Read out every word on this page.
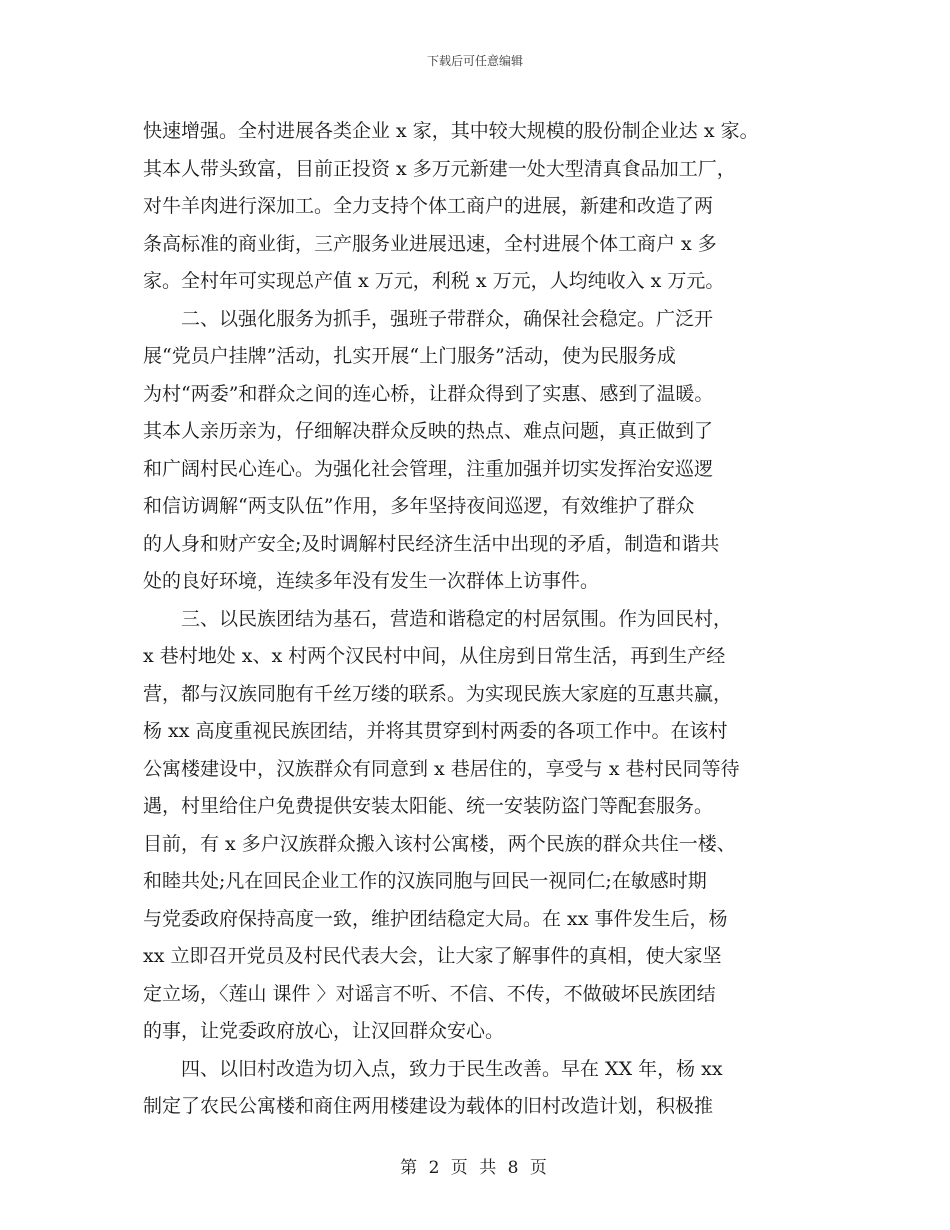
下载后可任意编辑
快速增强。全村进展各类企业 x 家，其中较大规模的股份制企业达 x 家。
其本人带头致富，目前正投资 x 多万元新建一处大型清真食品加工厂，
对牛羊肉进行深加工。全力支持个体工商户的进展，新建和改造了两
条高标准的商业街，三产服务业进展迅速，全村进展个体工商户 x 多
家。全村年可实现总产值 x 万元，利税 x 万元，人均纯收入 x 万元。
二、以强化服务为抓手，强班子带群众，确保社会稳定。广泛开
展“党员户挂牌”活动，扎实开展“上门服务”活动，使为民服务成
为村“两委”和群众之间的连心桥，让群众得到了实惠、感到了温暖。
其本人亲历亲为，仔细解决群众反映的热点、难点问题，真正做到了
和广阔村民心连心。为强化社会管理，注重加强并切实发挥治安巡逻
和信访调解“两支队伍”作用，多年坚持夜间巡逻，有效维护了群众
的人身和财产安全;及时调解村民经济生活中出现的矛盾，制造和谐共
处的良好环境，连续多年没有发生一次群体上访事件。
三、以民族团结为基石，营造和谐稳定的村居氛围。作为回民村，
x 巷村地处 x、x 村两个汉民村中间，从住房到日常生活，再到生产经
营，都与汉族同胞有千丝万缕的联系。为实现民族大家庭的互惠共赢，
杨 xx 高度重视民族团结，并将其贯穿到村两委的各项工作中。在该村
公寓楼建设中，汉族群众有同意到 x 巷居住的，享受与 x 巷村民同等待
遇，村里给住户免费提供安装太阳能、统一安装防盗门等配套服务。
目前，有 x 多户汉族群众搬入该村公寓楼，两个民族的群众共住一楼、
和睦共处;凡在回民企业工作的汉族同胞与回民一视同仁;在敏感时期
与党委政府保持高度一致，维护团结稳定大局。在 xx 事件发生后，杨
xx 立即召开党员及村民代表大会，让大家了解事件的真相，使大家坚
定立场，〈莲山 课件 〉对谣言不听、不信、不传，不做破坏民族团结
的事，让党委政府放心，让汉回群众安心。
四、以旧村改造为切入点，致力于民生改善。早在 XX 年，杨 xx
制定了农民公寓楼和商住两用楼建设为载体的旧村改造计划，积极推
第 2 页 共 8 页
